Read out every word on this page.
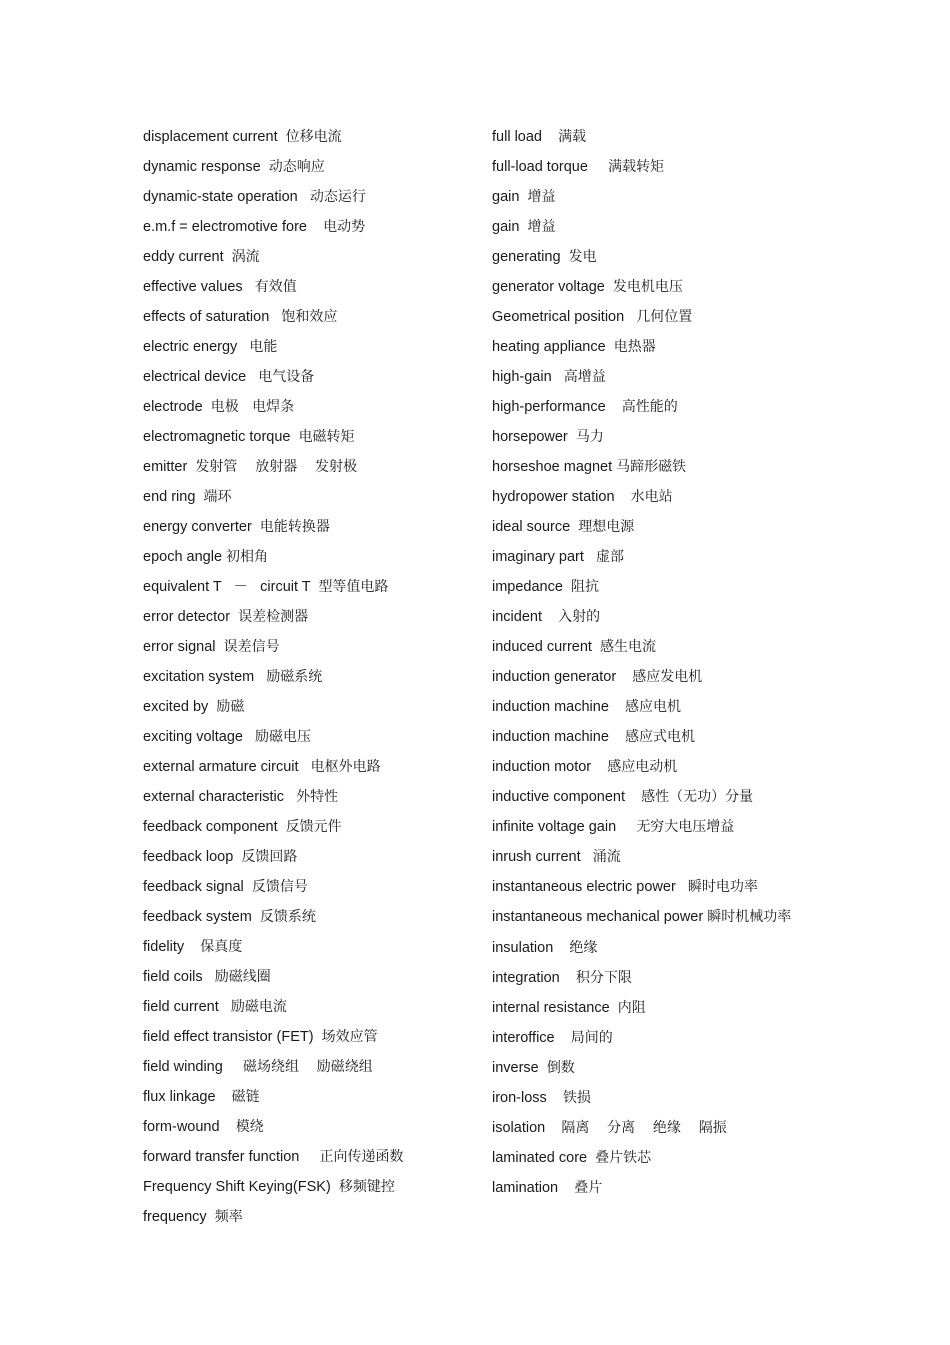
displacement current 位移电流
dynamic response 动态响应
dynamic-state operation 动态运行
e.m.f = electromotive fore 电动势
eddy current 涡流
effective values 有效值
effects of saturation 饱和效应
electric energy 电能
electrical device 电气设备
electrode 电极   电焊条
electromagnetic torque 电磁转矩
emitter 发射管    放射器    发射极
end ring 端环
energy converter 电能转换器
epoch angle 初相角
equivalent T   －   circuit T 型等值电路
error detector 误差检测器
error signal 误差信号
excitation system 励磁系统
excited by 励磁
exciting voltage 励磁电压
external armature circuit 电枢外电路
external characteristic 外特性
feedback component 反馈元件
feedback loop 反馈回路
feedback signal 反馈信号
feedback system 反馈系统
fidelity 保真度
field coils 励磁线圈
field current 励磁电流
field effect transistor (FET) 场效应管
field winding 磁场绕组    励磁绕组
flux linkage 磁链
form-wound 模绕
forward transfer function 正向传递函数
Frequency Shift Keying(FSK) 移频键控
frequency 频率
full load 满载
full-load torque 满载转矩
gain 增益
gain 增益
generating 发电
generator voltage 发电机电压
Geometrical position 几何位置
heating appliance 电热器
high-gain 高增益
high-performance 高性能的
horsepower 马力
horseshoe magnet 马蹄形磁铁
hydropower station 水电站
ideal source 理想电源
imaginary part 虚部
impedance 阻抗
incident 入射的
induced current 感生电流
induction generator 感应发电机
induction machine 感应电机
induction machine 感应式电机
induction motor 感应电动机
inductive component 感性（无功）分量
infinite voltage gain 无穷大电压增益
inrush current 涌流
instantaneous electric power 瞬时电功率
instantaneous mechanical power 瞬时机械功率
insulation 绝缘
integration 积分下限
internal resistance 内阻
interoffice 局间的
inverse 倒数
iron-loss 铁损
isolation 隔离    分离    绝缘    隔振
laminated core 叠片铁芯
lamination 叠片
